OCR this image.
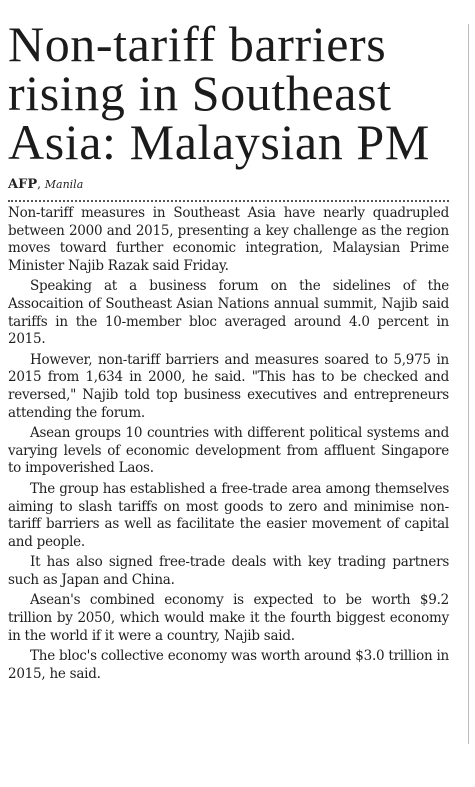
Non-tariff barriers rising in Southeast Asia: Malaysian PM
AFP, Manila

Non-tariff measures in Southeast Asia have nearly quadrupled between 2000 and 2015, presenting a key challenge as the region moves toward further economic integration, Malaysian Prime Minister Najib Razak said Friday.

Speaking at a business forum on the sidelines of the Assocaition of Southeast Asian Nations annual summit, Najib said tariffs in the 10-member bloc averaged around 4.0 percent in 2015.

However, non-tariff barriers and measures soared to 5,975 in 2015 from 1,634 in 2000, he said. "This has to be checked and reversed," Najib told top business executives and entrepreneurs attending the forum.

Asean groups 10 countries with different political systems and varying levels of economic development from affluent Singapore to impoverished Laos.

The group has established a free-trade area among themselves aiming to slash tariffs on most goods to zero and minimise non-tariff barriers as well as facilitate the easier movement of capital and people.

It has also signed free-trade deals with key trading partners such as Japan and China.

Asean's combined economy is expected to be worth $9.2 trillion by 2050, which would make it the fourth biggest economy in the world if it were a country, Najib said.

The bloc's collective economy was worth around $3.0 trillion in 2015, he said.
